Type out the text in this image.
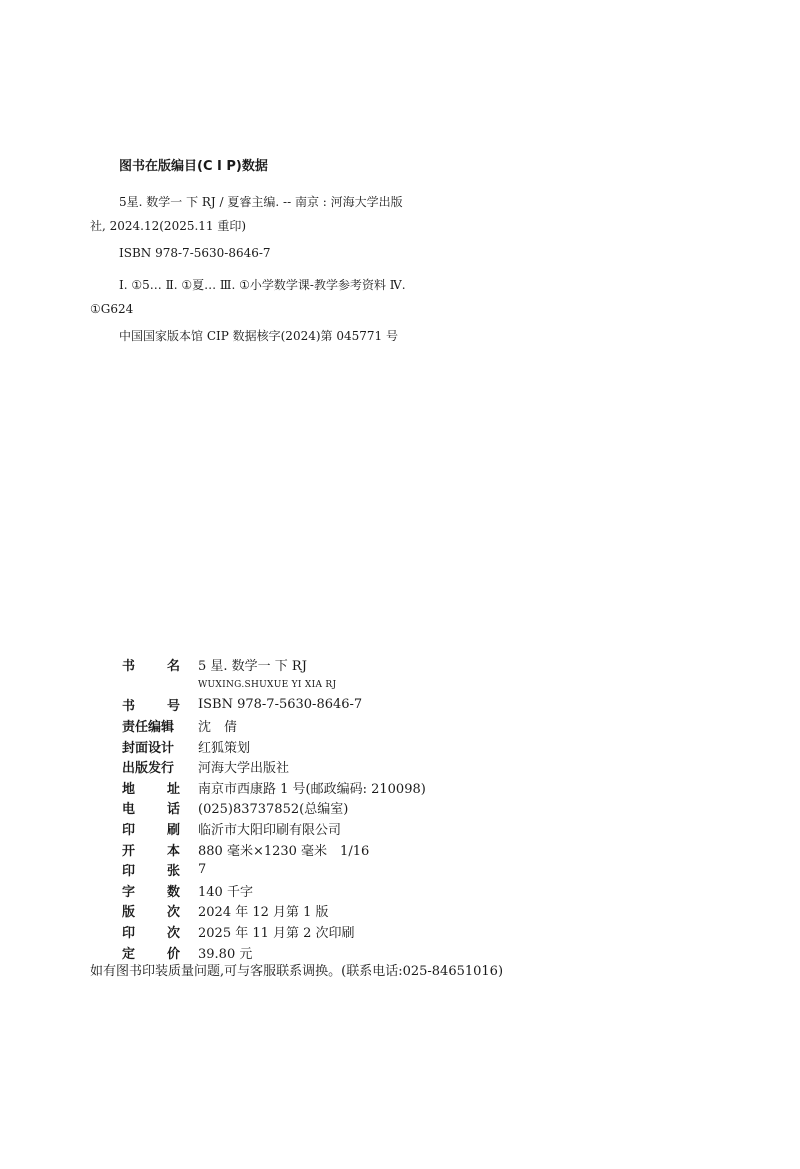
图书在版编目(C I P)数据

5星. 数学一 下 RJ / 夏睿主编. -- 南京 : 河海大学出版社, 2024.12(2025.11 重印)

ISBN 978-7-5630-8646-7

Ⅰ. ①5… Ⅱ. ①夏… Ⅲ. ①小学数学课-教学参考资料 Ⅳ. ①G624

中国国家版本馆 CIP 数据核字(2024)第 045771 号

书 名 5 星. 数学一 下 RJ
WUXING.SHUXUE YI XIA RJ
书 号 ISBN 978-7-5630-8646-7
责任编辑	沈　倩
封面设计	红狐策划
出版发行	河海大学出版社
地 址 南京市西康路 1 号(邮政编码: 210098)
电 话 (025)83737852(总编室)
印 刷 临沂市大阳印刷有限公司
开 本 880 毫米×1230 毫米　1/16
印 张 7
字 数 140 千字
版 次 2024 年 12 月第 1 版
印 次 2025 年 11 月第 2 次印刷
定 价 39.80 元
如有图书印装质量问题,可与客服联系调换。(联系电话:025-84651016)
